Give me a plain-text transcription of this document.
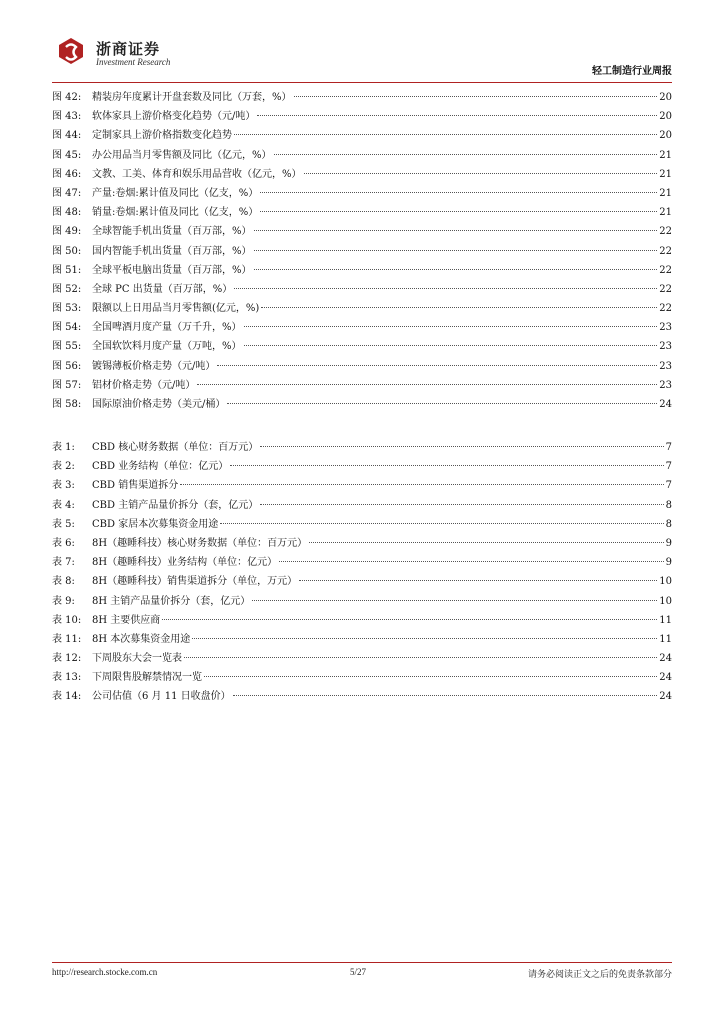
浙商证券
Investment Research
轻工制造行业周报
图 42:	精装房年度累计开盘套数及同比（万套，%）	20
图 43:	软体家具上游价格变化趋势（元/吨）	20
图 44:	定制家具上游价格指数变化趋势	20
图 45:	办公用品当月零售额及同比（亿元，%）	21
图 46:	文教、工美、体育和娱乐用品营收（亿元，%）	21
图 47:	产量:卷烟:累计值及同比（亿支，%）	21
图 48:	销量:卷烟:累计值及同比（亿支，%）	21
图 49:	全球智能手机出货量（百万部，%）	22
图 50:	国内智能手机出货量（百万部，%）	22
图 51:	全球平板电脑出货量（百万部，%）	22
图 52:	全球 PC 出货量（百万部，%）	22
图 53:	限额以上日用品当月零售额(亿元，%)	22
图 54:	全国啤酒月度产量（万千升，%）	23
图 55:	全国软饮料月度产量（万吨，%）	23
图 56:	镀锡薄板价格走势（元/吨）	23
图 57:	铝材价格走势（元/吨）	23
图 58:	国际原油价格走势（美元/桶）	24
表 1:	CBD 核心财务数据（单位：百万元）	7
表 2:	CBD 业务结构（单位：亿元）	7
表 3:	CBD 销售渠道拆分	7
表 4:	CBD 主销产品量价拆分（套，亿元）	8
表 5:	CBD 家居本次募集资金用途	8
表 6:	8H（趣睡科技）核心财务数据（单位：百万元）	9
表 7:	8H（趣睡科技）业务结构（单位：亿元）	9
表 8:	8H（趣睡科技）销售渠道拆分（单位，万元）	10
表 9:	8H 主销产品量价拆分（套，亿元）	10
表 10:	8H 主要供应商	11
表 11:	8H 本次募集资金用途	11
表 12:	下周股东大会一览表	24
表 13:	下周限售股解禁情况一览	24
表 14:	公司估值（6 月 11 日收盘价）	24
http://research.stocke.com.cn	5/27	请务必阅读正文之后的免责条款部分
